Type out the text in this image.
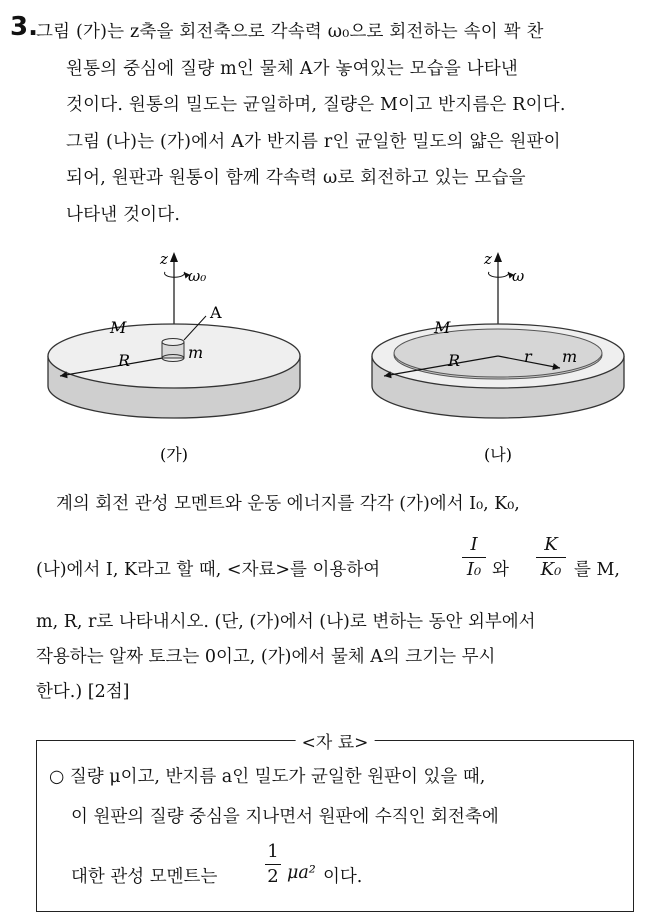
3.
그림 (가)는 z축을 회전축으로 각속력 ω₀으로 회전하는 속이 꽉 찬
원통의 중심에 질량 m인 물체 A가 놓여있는 모습을 나타낸
것이다. 원통의 밀도는 균일하며, 질량은 M이고 반지름은 R이다.
그림 (나)는 (가)에서 A가 반지름 r인 균일한 밀도의 얇은 원판이
되어, 원판과 원통이 함께 각속력 ω로 회전하고 있는 모습을
나타낸 것이다.
z
ω₀
A
m
M
R
(가)
z
ω
M
R	r m
(나)
계의 회전 관성 모멘트와 운동 에너지를 각각 (가)에서 I₀, K₀,
(나)에서 I, K라고 할 때, <자료>를 이용하여
I
I₀ 와
K
K₀ 를 M,
m, R, r로 나타내시오. (단, (가)에서 (나)로 변하는 동안 외부에서
작용하는 알짜 토크는 0이고, (가)에서 물체 A의 크기는 무시
한다.) [2점]
<자 료>
○ 질량 μ이고, 반지름 a인 밀도가 균일한 원판이 있을 때,
이 원판의 질량 중심을 지나면서 원판에 수직인 회전축에
대한 관성 모멘트는
1
2 μa² 이다.
